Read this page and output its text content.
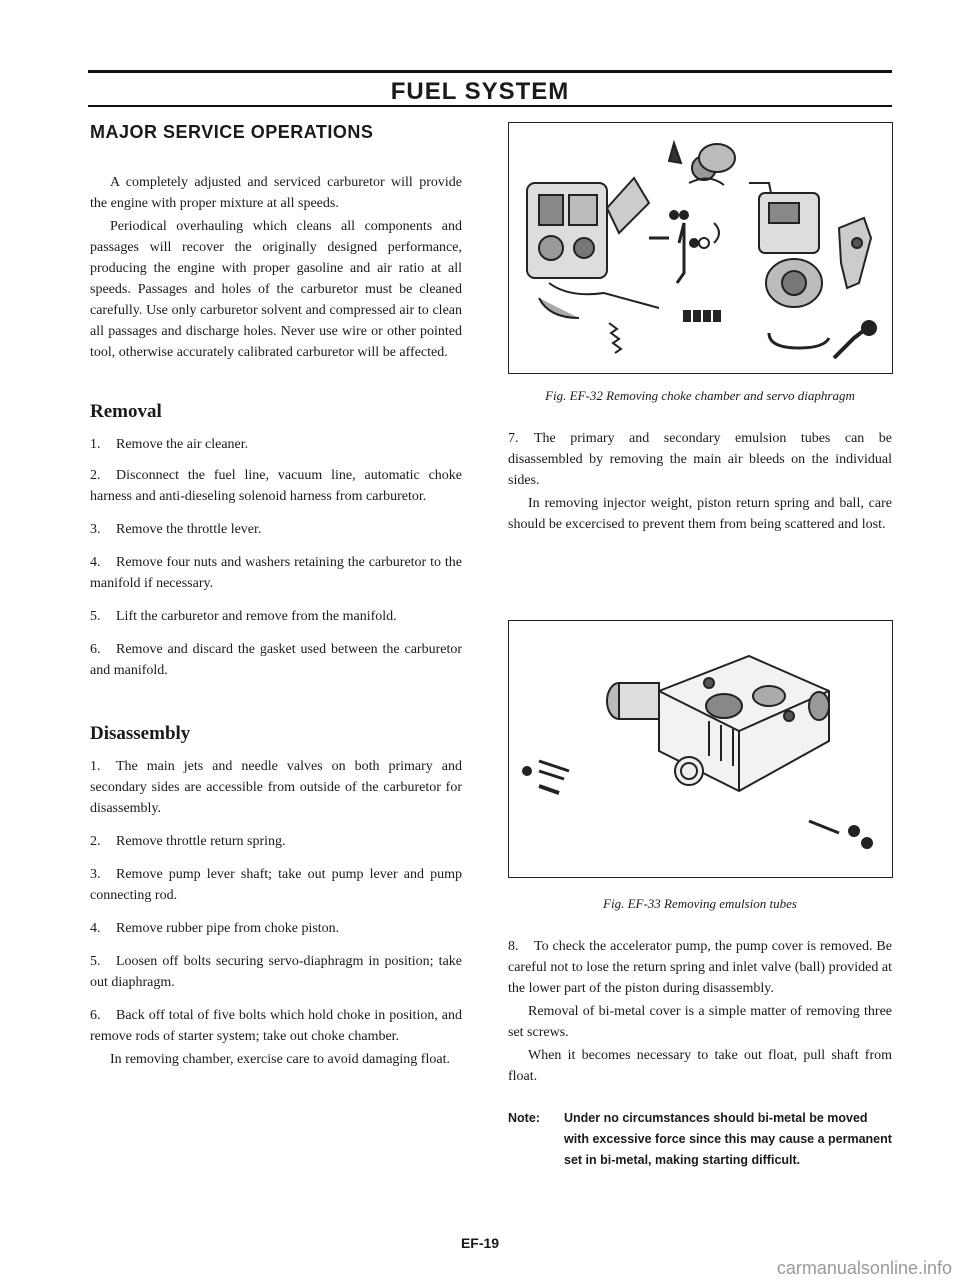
FUEL SYSTEM
MAJOR SERVICE OPERATIONS

A completely adjusted and serviced carburetor will provide the engine with proper mixture at all speeds.

Periodical overhauling which cleans all components and passages will recover the originally designed performance, producing the engine with proper gasoline and air ratio at all speeds. Passages and holes of the carburetor must be cleaned carefully. Use only carburetor solvent and compressed air to clean all passages and discharge holes. Never use wire or other pointed tool, otherwise accurately calibrated carburetor will be affected.

Removal

1. Remove the air cleaner.

2. Disconnect the fuel line, vacuum line, automatic choke harness and anti-dieseling solenoid harness from carburetor.

3. Remove the throttle lever.

4. Remove four nuts and washers retaining the carburetor to the manifold if necessary.

5. Lift the carburetor and remove from the manifold.

6. Remove and discard the gasket used between the carburetor and manifold.

Disassembly

1. The main jets and needle valves on both primary and secondary sides are accessible from outside of the carburetor for disassembly.

2. Remove throttle return spring.

3. Remove pump lever shaft; take out pump lever and pump connecting rod.

4. Remove rubber pipe from choke piston.

5. Loosen off bolts securing servo-diaphragm in position; take out diaphragm.

6. Back off total of five bolts which hold choke in position, and remove rods of starter system; take out choke chamber.

In removing chamber, exercise care to avoid damaging float.

Fig. EF-32 Removing choke chamber and servo diaphragm

7. The primary and secondary emulsion tubes can be disassembled by removing the main air bleeds on the individual sides.

In removing injector weight, piston return spring and ball, care should be excercised to prevent them from being scattered and lost.

Fig. EF-33 Removing emulsion tubes

8. To check the accelerator pump, the pump cover is removed. Be careful not to lose the return spring and inlet valve (ball) provided at the lower part of the piston during disassembly.

Removal of bi-metal cover is a simple matter of removing three set screws.

When it becomes necessary to take out float, pull shaft from float.

Note: Under no circumstances should bi-metal be moved with excessive force since this may cause a permanent set in bi-metal, making starting difficult.
EF-19
carmanualsonline.info
